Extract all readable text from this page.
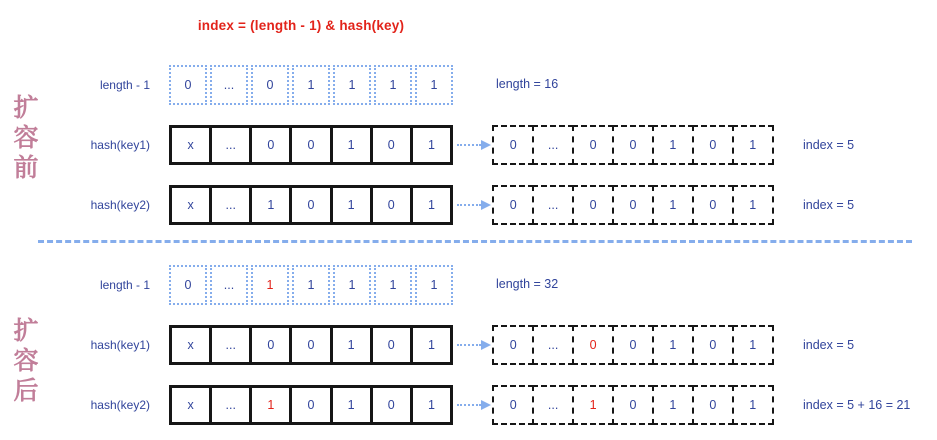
index = (length - 1) & hash(key)
扩容前
length - 1	0	...	0	1	1	1	1	length = 16
hash(key1)	x	...	0	0	1	0	1	0	...	0	0	1	0	1	index = 5
hash(key2)	x	...	1	0	1	0	1	0	...	0	0	1	0	1	index = 5
扩容后
length - 1	0	...	1	1	1	1	1	length = 32
hash(key1)	x	...	0	0	1	0	1	0	...	0	0	1	0	1	index = 5
hash(key2)	x	...	1	0	1	0	1	0	...	1	0	1	0	1	index = 5 + 16 = 21
